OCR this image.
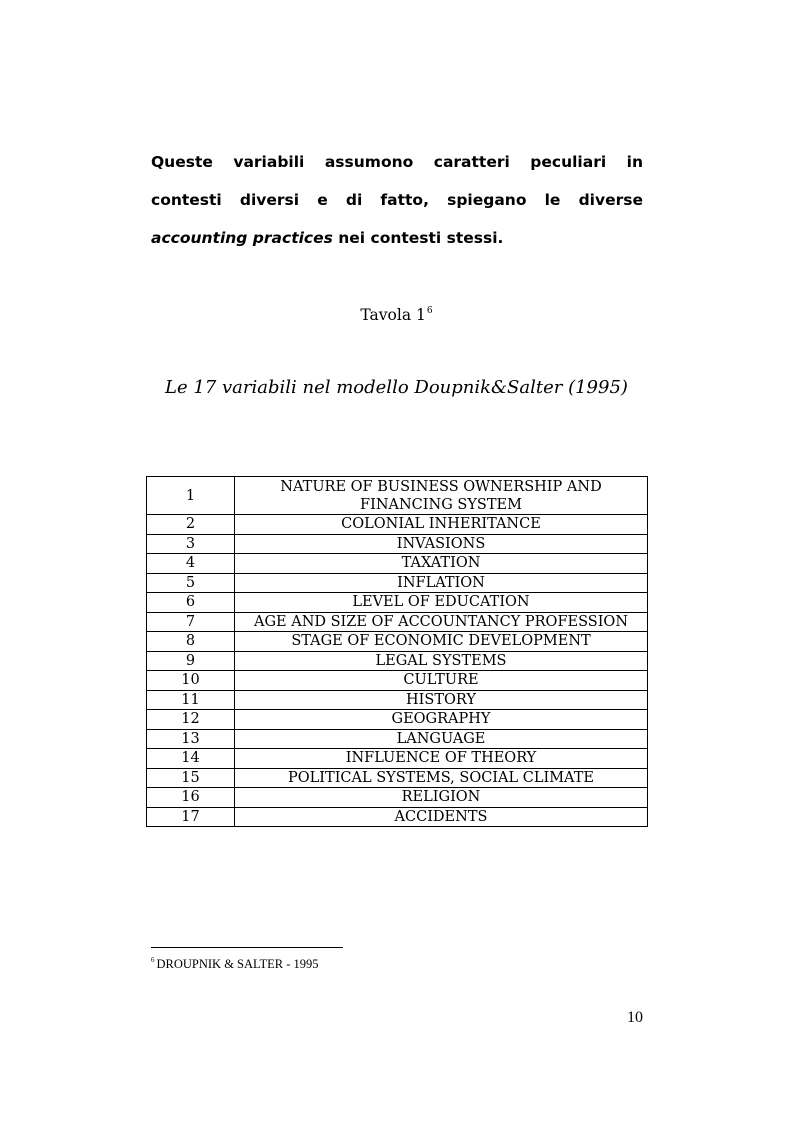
Queste variabili assumono caratteri peculiari in contesti diversi e di fatto, spiegano le diverse accounting practices nei contesti stessi.

Tavola $1^6$
Le 17 variabili nel modello Doupnik&Salter (1995)
1	NATURE OF BUSINESS OWNERSHIP AND FINANCING SYSTEM
2	COLONIAL INHERITANCE
3	INVASIONS
4	TAXATION
5	INFLATION
6	LEVEL OF EDUCATION
7	AGE AND SIZE OF ACCOUNTANCY PROFESSION
8	STAGE OF ECONOMIC DEVELOPMENT
9	LEGAL SYSTEMS
10	CULTURE
11	HISTORY
12	GEOGRAPHY
13	LANGUAGE
14	INFLUENCE OF THEORY
15	POLITICAL SYSTEMS, SOCIAL CLIMATE
16	RELIGION
17	ACCIDENTS
$^6$ DROUPNIK & SALTER - 1995
10
